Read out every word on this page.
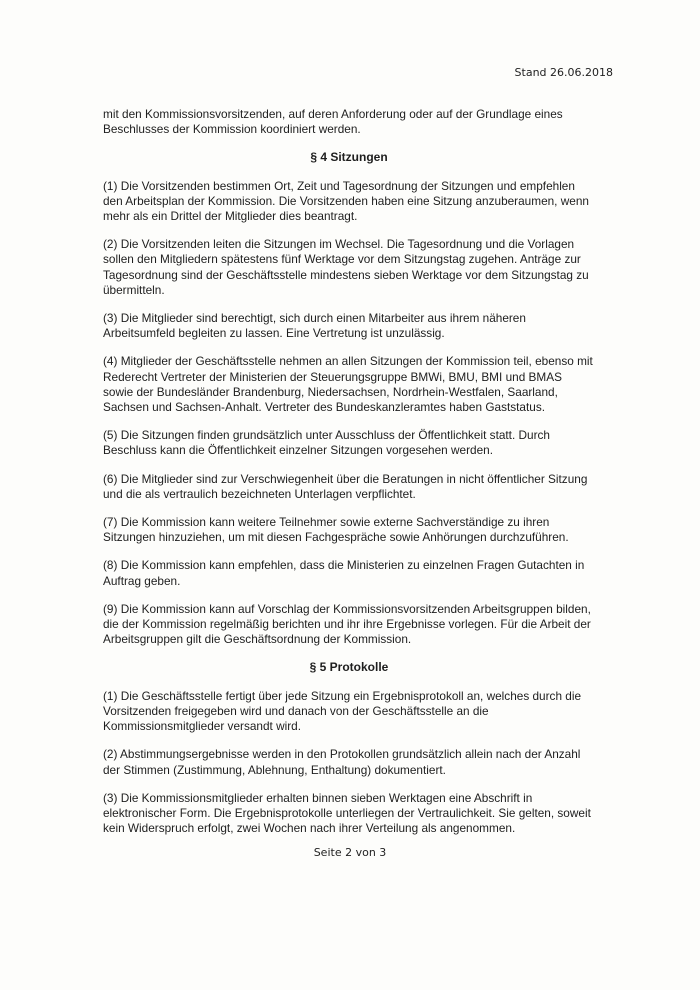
Stand 26.06.2018

mit den Kommissionsvorsitzenden, auf deren Anforderung oder auf der Grundlage eines Beschlusses der Kommission koordiniert werden.

§ 4 Sitzungen

(1) Die Vorsitzenden bestimmen Ort, Zeit und Tagesordnung der Sitzungen und empfehlen den Arbeitsplan der Kommission. Die Vorsitzenden haben eine Sitzung anzuberaumen, wenn mehr als ein Drittel der Mitglieder dies beantragt.

(2) Die Vorsitzenden leiten die Sitzungen im Wechsel. Die Tagesordnung und die Vorlagen sollen den Mitgliedern spätestens fünf Werktage vor dem Sitzungstag zugehen. Anträge zur Tagesordnung sind der Geschäftsstelle mindestens sieben Werktage vor dem Sitzungstag zu übermitteln.

(3) Die Mitglieder sind berechtigt, sich durch einen Mitarbeiter aus ihrem näheren Arbeitsumfeld begleiten zu lassen. Eine Vertretung ist unzulässig.

(4) Mitglieder der Geschäftsstelle nehmen an allen Sitzungen der Kommission teil, ebenso mit Rederecht Vertreter der Ministerien der Steuerungsgruppe BMWi, BMU, BMI und BMAS sowie der Bundesländer Brandenburg, Niedersachsen, Nordrhein-Westfalen, Saarland, Sachsen und Sachsen-Anhalt. Vertreter des Bundeskanzleramtes haben Gaststatus.

(5) Die Sitzungen finden grundsätzlich unter Ausschluss der Öffentlichkeit statt. Durch Beschluss kann die Öffentlichkeit einzelner Sitzungen vorgesehen werden.

(6) Die Mitglieder sind zur Verschwiegenheit über die Beratungen in nicht öffentlicher Sitzung und die als vertraulich bezeichneten Unterlagen verpflichtet.

(7) Die Kommission kann weitere Teilnehmer sowie externe Sachverständige zu ihren Sitzungen hinzuziehen, um mit diesen Fachgespräche sowie Anhörungen durchzuführen.

(8) Die Kommission kann empfehlen, dass die Ministerien zu einzelnen Fragen Gutachten in Auftrag geben.

(9) Die Kommission kann auf Vorschlag der Kommissionsvorsitzenden Arbeitsgruppen bilden, die der Kommission regelmäßig berichten und ihr ihre Ergebnisse vorlegen. Für die Arbeit der Arbeitsgruppen gilt die Geschäftsordnung der Kommission.

§ 5 Protokolle

(1) Die Geschäftsstelle fertigt über jede Sitzung ein Ergebnisprotokoll an, welches durch die Vorsitzenden freigegeben wird und danach von der Geschäftsstelle an die Kommissionsmitglieder versandt wird.

(2) Abstimmungsergebnisse werden in den Protokollen grundsätzlich allein nach der Anzahl der Stimmen (Zustimmung, Ablehnung, Enthaltung) dokumentiert.

(3) Die Kommissionsmitglieder erhalten binnen sieben Werktagen eine Abschrift in elektronischer Form. Die Ergebnisprotokolle unterliegen der Vertraulichkeit. Sie gelten, soweit kein Widerspruch erfolgt, zwei Wochen nach ihrer Verteilung als angenommen.

Seite 2 von 3
